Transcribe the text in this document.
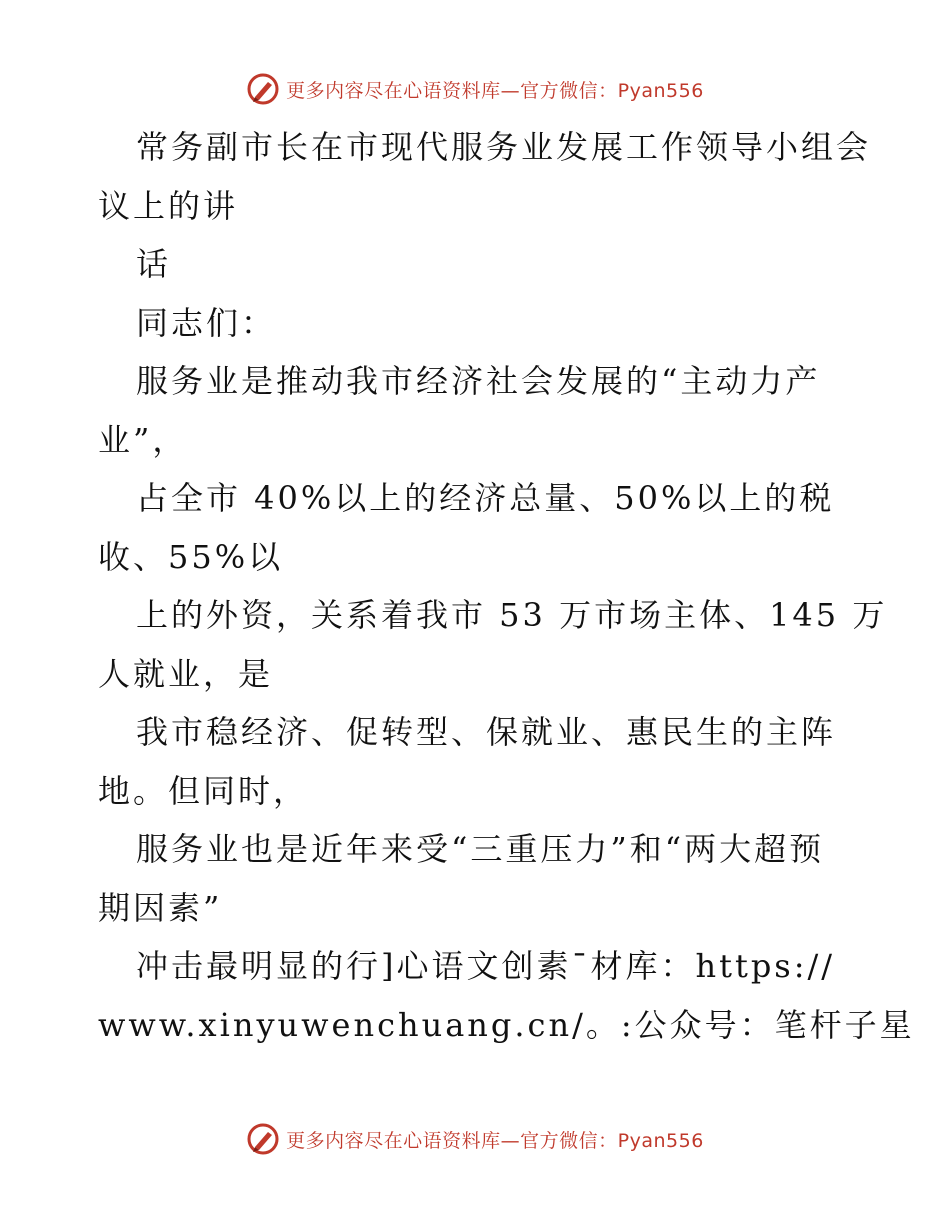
更多内容尽在心语资料库—官方微信：Pyan556
常务副市长在市现代服务业发展工作领导小组会
议上的讲
话
同志们：
服务业是推动我市经济社会发展的“主动力产
业”，
占全市 40%以上的经济总量、50%以上的税
收、55%以
上的外资，关系着我市 53 万市场主体、145 万
人就业，是
我市稳经济、促转型、保就业、惠民生的主阵
地。但同时，
服务业也是近年来受“三重压力”和“两大超预
期因素”
冲击最明显的行]心语文创素¯材库：https://
www.xinyuwenchuang.cn/。:公众号：笔杆子星
更多内容尽在心语资料库—官方微信：Pyan556
